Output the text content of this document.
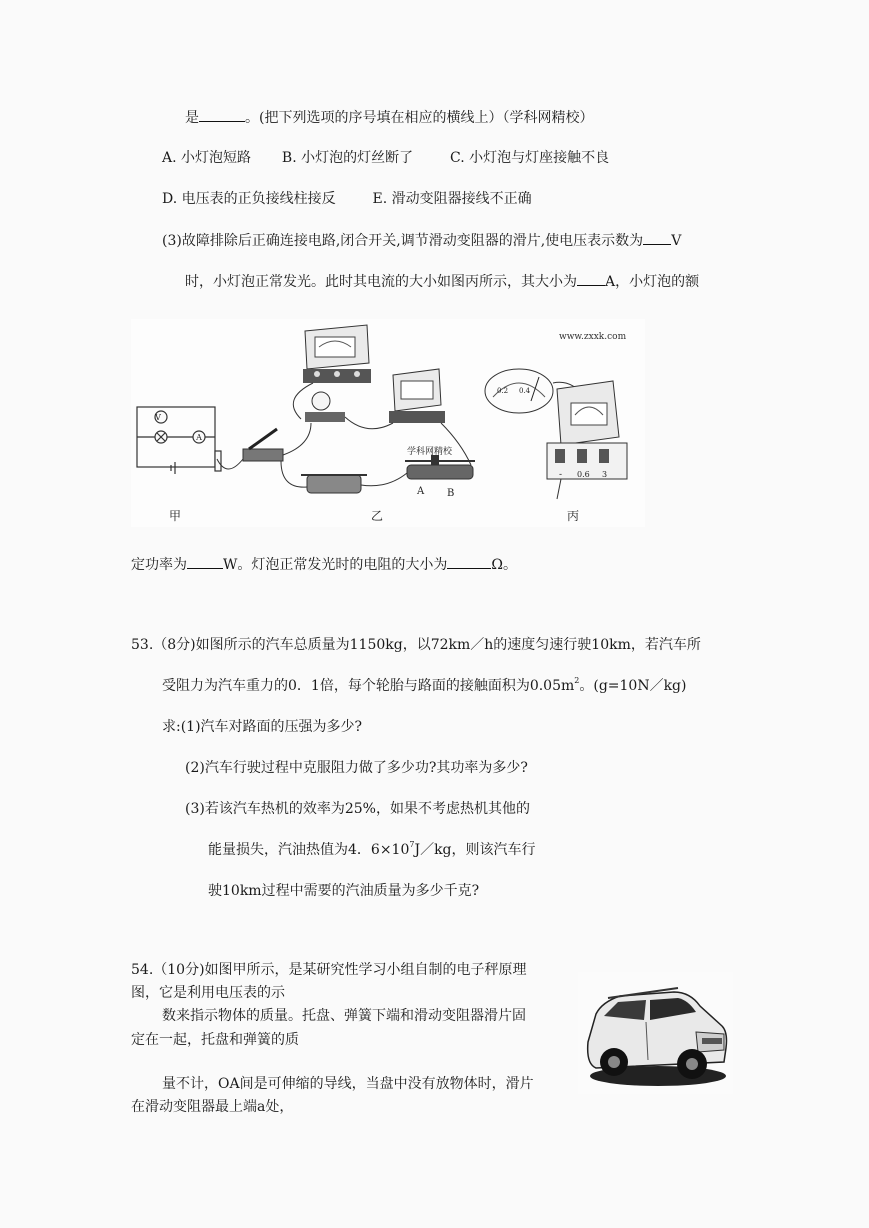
是	。(把下列选项的序号填在相应的横线上）（学科网精校）
A. 小灯泡短路 B. 小灯泡的灯丝断了	C. 小灯泡与灯座接触不良
D. 电压表的正负接线柱接反	E. 滑动变阻器接线不正确
(3)故障排除后正确连接电路,闭合开关,调节滑动变阻器的滑片,使电压表示数为 V
时，小灯泡正常发光。此时其电流的大小如图丙所示，其大小为 A，小灯泡的额
V
A
学科网精校
A B
0.2 0.4
- 0.6 3
www.zxxk.com
甲	乙	丙
定功率为	W。灯泡正常发光时的电阻的大小为	Ω。
53.（8分)如图所示的汽车总质量为1150kg，以72km／h的速度匀速行驶10km，若汽车所
受阻力为汽车重力的0．1倍，每个轮胎与路面的接触面积为$0.05m^2$。(g=10N／kg)
求:(1)汽车对路面的压强为多少?
(2)汽车行驶过程中克服阻力做了多少功?其功率为多少?
(3)若该汽车热机的效率为25%，如果不考虑热机其他的
能量损失，汽油热值为4．$6\times 10^7J/kg$，则该汽车行
驶10km过程中需要的汽油质量为多少千克?
54.（10分)如图甲所示，是某研究性学习小组自制的电子秤原理
图，它是利用电压表的示
数来指示物体的质量。托盘、弹簧下端和滑动变阻器滑片固
定在一起，托盘和弹簧的质
量不计，OA间是可伸缩的导线，当盘中没有放物体时，滑片
在滑动变阻器最上端a处，
